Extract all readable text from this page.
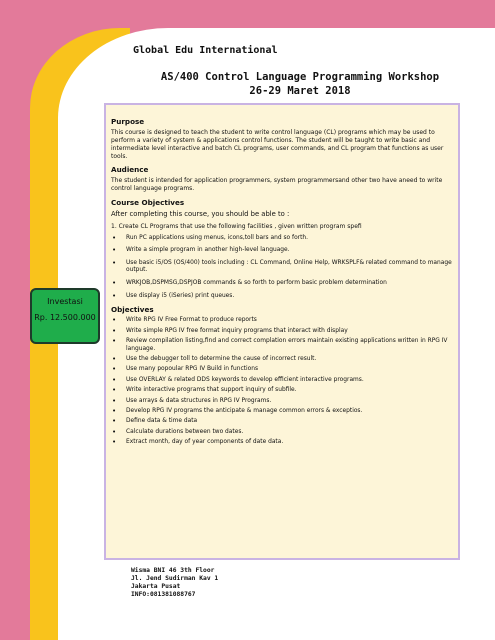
Global Edu International
AS/400 Control Language Programming Workshop
26-29 Maret 2018
Purpose

This course is designed to teach the student to write control language (CL) programs which may be used to perform a variety of system & applications control functions. The student will be taught to write basic and intermediate level interactive and batch CL programs, user commands, and CL program that functions as user tools.

Audience

The student is intended for application programmers, system programmersand other two have aneed to write control language programs.

Course Objectives
After completing this course, you should be able to :

1. Create CL Programs that use the following facilities , given written program spefi

• Run PC applications using menus, icons,toll bars and so forth.
• Write a simple program in another high-level language.
• Use basic i5/OS (OS/400) tools including : CL Command, Online Help, WRKSPLF& related command to manage output.
• WRKJOB,DSPMSG,DSPJOB commands & so forth to perform basic problem determination
• Use display i5 (iSeries) print queues.
Objectives
• Write RPG IV Free Format to produce reports
• Write simple RPG IV free format inquiry programs that interact with display
• Review compilation listing,find and correct complation errors maintain existing applications written in RPG IV language.
• Use the debugger toll to determine the cause of incorrect result.
• Use many popoular RPG IV Build in functions
• Use OVERLAY & related DDS keywords to develop efficient interactive programs.
• Write interactive programs that support inquiry of subfile.
• Use arrays & data structures in RPG IV Programs.
• Develop RPG IV programs the anticipate & manage common errors & exceptios.
• Define data & time data
• Calculate durations between two dates.
• Extract month, day of year components of date data.
Investasi
Rp. 12.500.000
Wisma BNI 46 3th Floor
Jl. Jend Sudirman Kav 1
Jakarta Pusat
INFO:081381088767
